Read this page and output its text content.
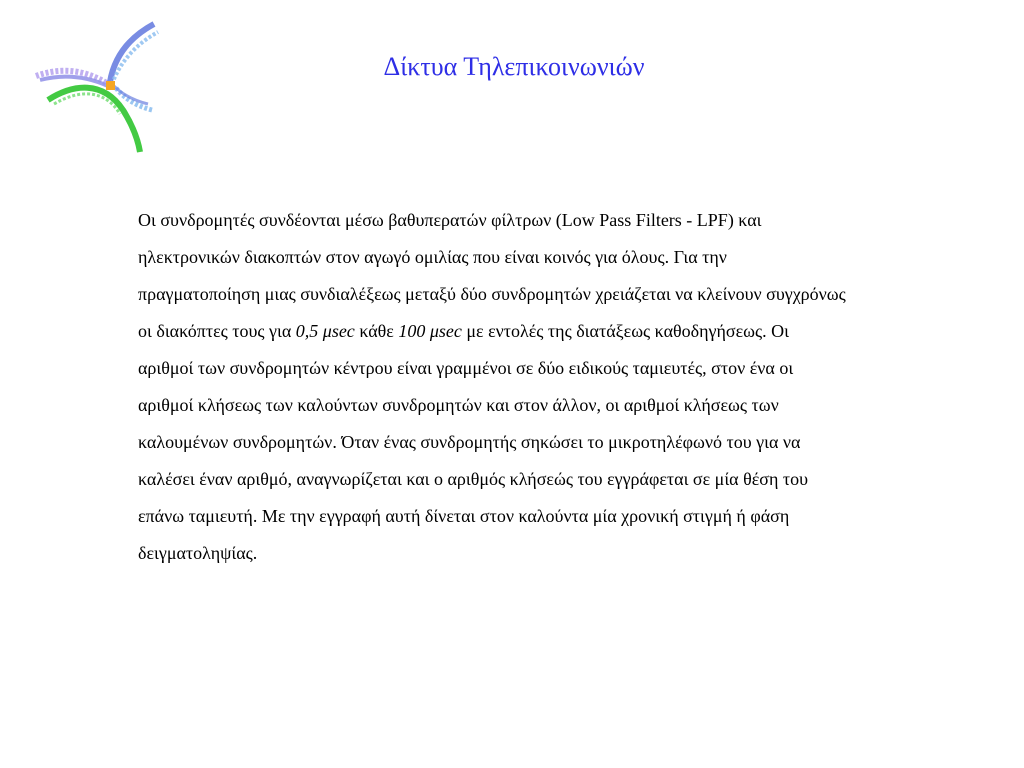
Δίκτυα Τηλεπικοινωνιών

Οι συνδρομητές συνδέονται μέσω βαθυπερατών φίλτρων (Low Pass Filters - LPF) και ηλεκτρονικών διακοπτών στον αγωγό ομιλίας που είναι κοινός για όλους. Για την πραγματοποίηση μιας συνδιαλέξεως μεταξύ δύο συνδρομητών χρειάζεται να κλείνουν συγχρόνως οι διακόπτες τους για 0,5 μsec κάθε 100 μsec με εντολές της διατάξεως καθοδηγήσεως. Οι αριθμοί των συνδρομητών κέντρου είναι γραμμένοι σε δύο ειδικούς ταμιευτές, στον ένα οι αριθμοί κλήσεως των καλούντων συνδρομητών και στον άλλον, οι αριθμοί κλήσεως των καλουμένων συνδρομητών. Όταν ένας συνδρομητής σηκώσει το μικροτηλέφωνό του για να καλέσει έναν αριθμό, αναγνωρίζεται και ο αριθμός κλήσεώς του εγγράφεται σε μία θέση του επάνω ταμιευτή. Με την εγγραφή αυτή δίνεται στον καλούντα μία χρονική στιγμή ή φάση δειγματοληψίας.
